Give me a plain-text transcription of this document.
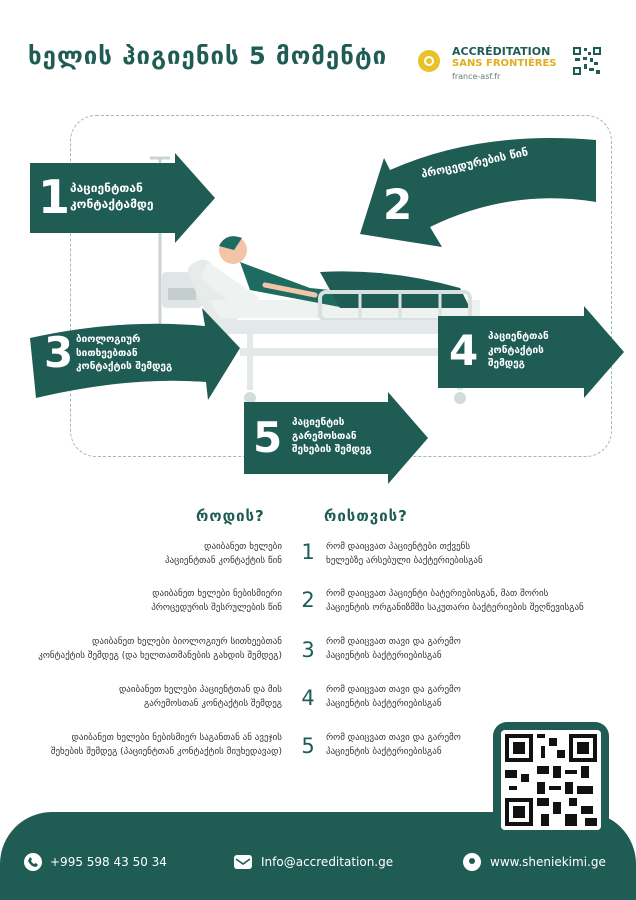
ხელის ჰიგიენის 5 მომენტი	ACCRÉDITATION
SANS FRONTIÈRES
france-asf.fr
1 პაციენტთან
კონტაქტამდე	2
პროცედურების წინ
3 ბიოლოგიურ
სითხეებთან
კონტაქტის შემდეგ	4 პაციენტთან
კონტაქტის
შემდეგ
5 პაციენტის
გარემოსთან
შეხების შემდეგ
როდის?	რისთვის?
დაიბანეთ ხელები
პაციენტთან კონტაქტის წინ 1	რომ დაიცვათ პაციენტები თქვენს
ხელებზე არსებული ბაქტერიებისგან
დაიბანეთ ხელები ნებისმიერი
პროცედურის შესრულების წინ 2	რომ დაიცვათ პაციენტი ბატერიებისგან, მათ შორის
პაციენტის ორგანიზმში საკუთარი ბაქტერიების შეღწევისგან
დაიბანეთ ხელები ბიოლოგიურ სითხეებთან
კონტაქტის შემდეგ (და ხელთათმანების გახდის შემდეგ) 3	რომ დაიცვათ თავი და გარემო
პაციენტის ბაქტერიებისგან
დაიბანეთ ხელები პაციენტთან და მის
გარემოსთან კონტაქტის შემდეგ 4	რომ დაიცვათ თავი და გარემო
პაციენტის ბაქტერიებისგან
დაიბანეთ ხელები ნებისმიერ საგანთან ან ავეჯის
შეხების შემდეგ (პაციენტთან კონტაქტის მიუხედავად) 5	რომ დაიცვათ თავი და გარემო
პაციენტის ბაქტერიებისგან
+995 598 43 50 34	Info@accreditation.ge	www.sheniekimi.ge
